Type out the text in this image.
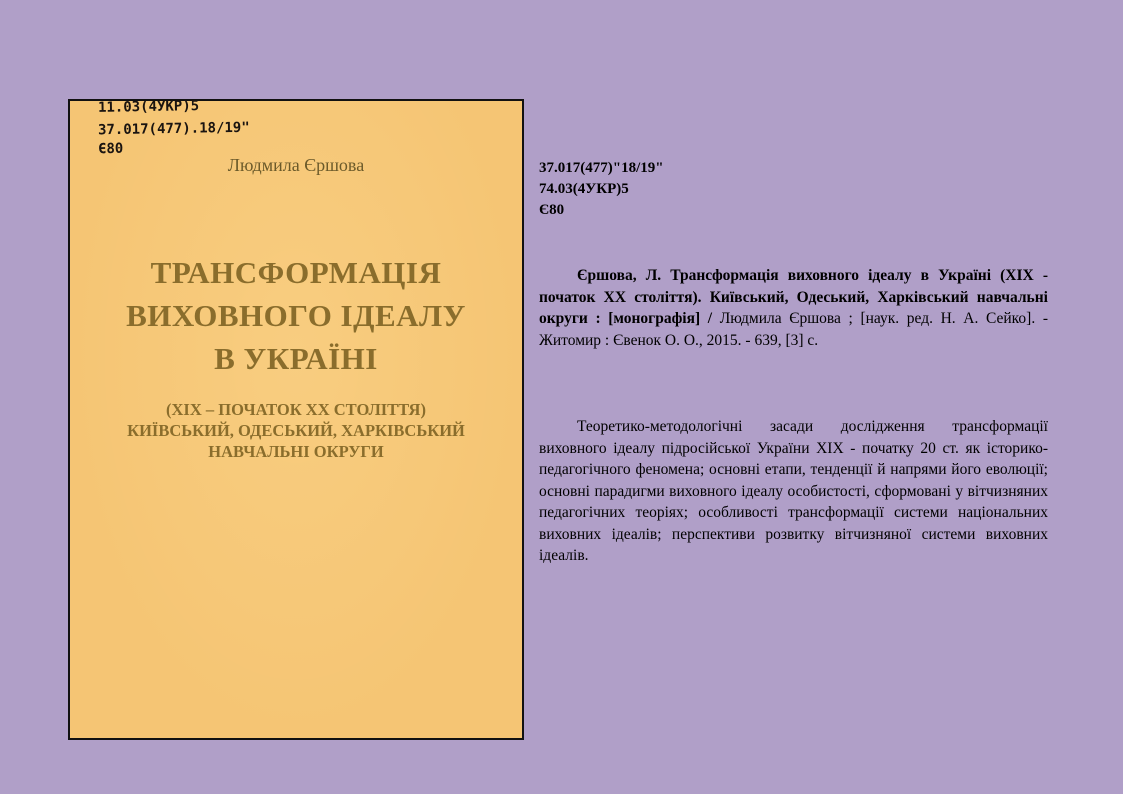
11.03(4УКР)5
37.017(477).18/19"
Є80
Людмила Єршова
ТРАНСФОРМАЦІЯ
ВИХОВНОГО ІДЕАЛУ
В УКРАЇНІ
(XIX – ПОЧАТОК XX СТОЛІТТЯ)
КИЇВСЬКИЙ, ОДЕСЬКИЙ, ХАРКІВСЬКИЙ
НАВЧАЛЬНІ ОКРУГИ
37.017(477)"18/19"
74.03(4УКР)5
Є80
Єршова, Л. Трансформація виховного ідеалу в Україні (XIX - початок XX століття). Київський, Одеський, Харківський навчальні округи : [монографія] / Людмила Єршова ; [наук. ред. Н. А. Сейко]. - Житомир : Євенок О. О., 2015. - 639, [3] с.
Теоретико-методологічні засади дослідження трансформації виховного ідеалу підросійської України XIX - початку 20 ст. як історико-педагогічного феномена; основні етапи, тенденції й напрями його еволюції; основні парадигми виховного ідеалу особистості, сформовані у вітчизняних педагогічних теоріях; особливості трансформації системи національних виховних ідеалів; перспективи розвитку вітчизняної системи виховних ідеалів.
